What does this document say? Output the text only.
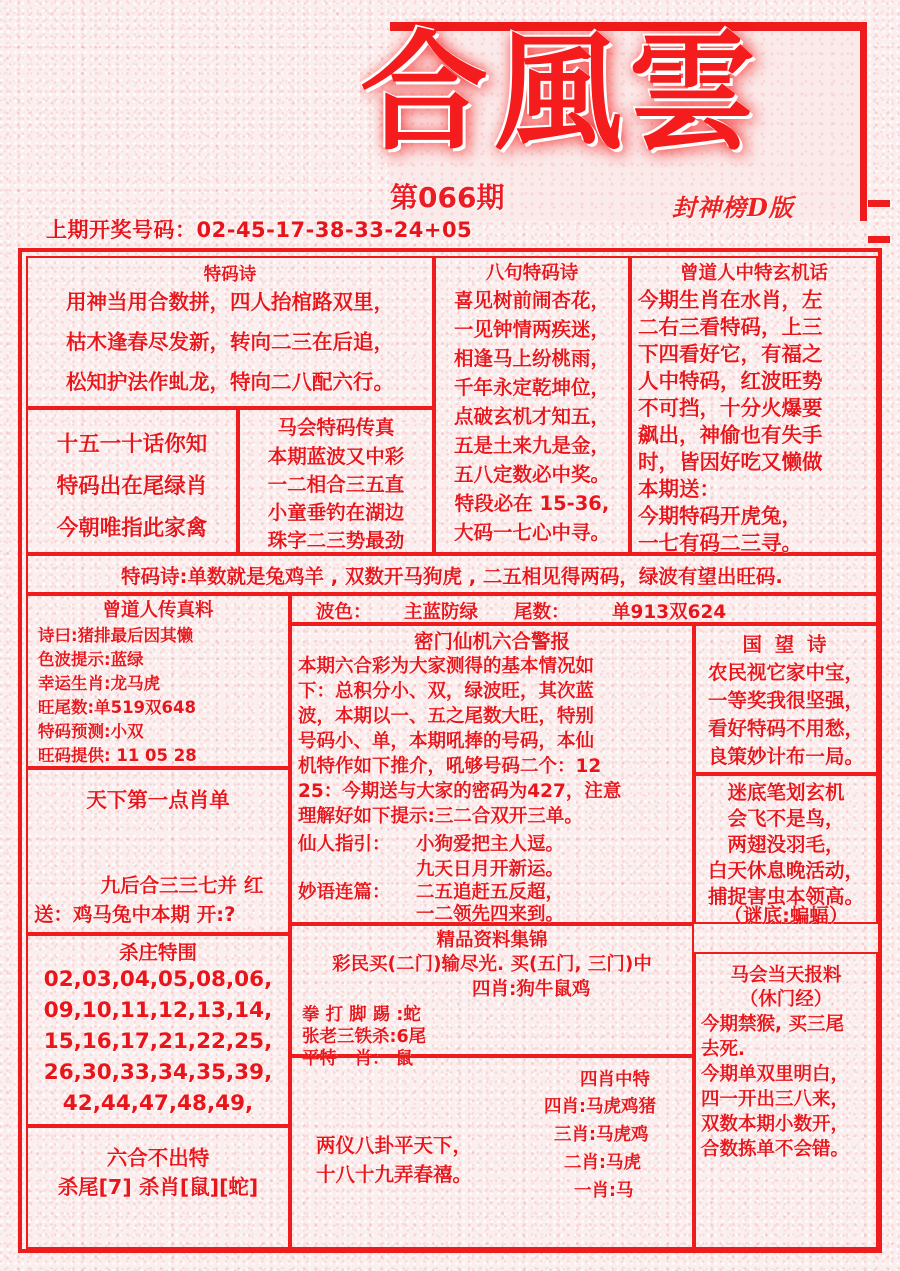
合風雲
第066期	封神榜D版
上期开奖号码：02-45-17-38-33-24+05
特码诗
用神当用合数拼，四人抬棺路双里，
枯木逢春尽发新，转向二三在后追，
松知护法作虬龙，特向二八配六行。
八句特码诗
喜见树前闹杏花，
一见钟情两疾迷，
相逢马上纷桃雨，
千年永定乾坤位，
点破玄机才知五，
五是土来九是金，
五八定数必中奖。
特段必在 15-36,
大码一七心中寻。
曾道人中特玄机话
今期生肖在水肖，左
二右三看特码，上三
下四看好它，有福之
人中特码，红波旺势
不可挡，十分火爆要
飙出，神偷也有失手
时，皆因好吃又懒做
本期送：
今期特码开虎兔，
一七有码二三寻。
十五一十话你知
特码出在尾绿肖
今朝唯指此家禽
马会特码传真
本期蓝波又中彩
一二相合三五直
小童垂钓在湖边
珠字二三势最劲
特码诗:单数就是兔鸡羊 , 双数开马狗虎 , 二五相见得两码，绿波有望出旺码.
曾道人传真料
诗曰:猪排最后因其懒
色波提示:蓝绿
幸运生肖:龙马虎
旺尾数:单519双648
特码预测:小双
旺码提供: 11 05 28
波色： 主蓝防绿 尾数： 单913双624
密门仙机六合警报
本期六合彩为大家测得的基本情况如
下：总积分小、双，绿波旺，其次蓝
波，本期以一、五之尾数大旺，特别
号码小、单，本期吼捧的号码，本仙
机特作如下推介，吼够号码二个：12
25：今期送与大家的密码为427，注意
理解好如下提示:三二合双开三单。
仙人指引： 小狗爱把主人逗。
九天日月开新运。
妙语连篇： 二五追赶五反超，
一二领先四来到。
国 望 诗
农民视它家中宝，
一等奖我很坚强，
看好特码不用愁，
良策妙计布一局。
迷底笔划玄机
会飞不是鸟，
两翅没羽毛，
白天休息晚活动，
捕捉害虫本领高。
（谜底:蝙蝠）
天下第一点肖单
九后合三三七并 红
送：鸡马兔中本期 开:?
杀庄特围
02,03,04,05,08,06,
09,10,11,12,13,14,
15,16,17,21,22,25,
26,30,33,34,35,39,
42,44,47,48,49,
精品资料集锦
彩民买(二门)输尽光. 买(五门, 三门)中
四肖:狗牛鼠鸡
拳 打 脚 踢 :蛇
张老三铁杀:6尾
平特一肖： 鼠
马会当天报料
（休门经）
今期禁猴, 买三尾
去死.
今期单双里明白，
四一开出三八来，
双数本期小数开，
合数拣单不会错。
两仪八卦平天下，
十八十九弄春禧。
四肖中特
四肖:马虎鸡猪
三肖:马虎鸡
二肖:马虎
一肖:马
六合不出特
杀尾[7] 杀肖[鼠][蛇]
